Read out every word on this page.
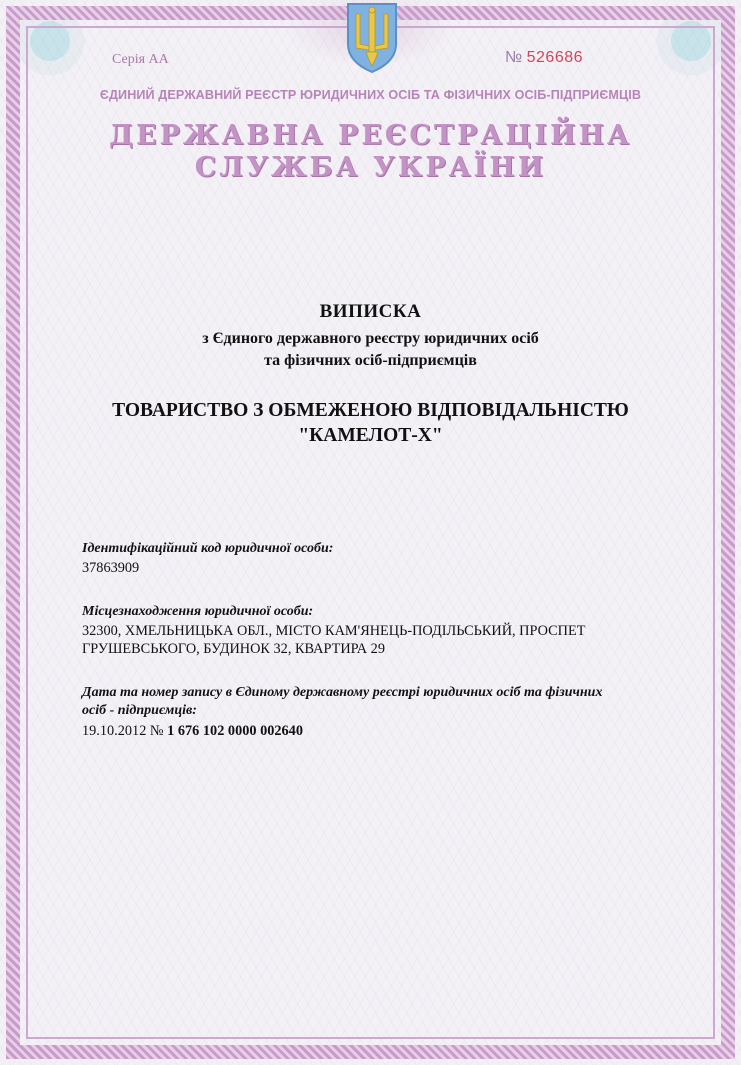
Серія АА	№ 526686
ЄДИНИЙ ДЕРЖАВНИЙ РЕЄСТР ЮРИДИЧНИХ ОСІБ ТА ФІЗИЧНИХ ОСІБ-ПІДПРИЄМЦІВ
ДЕРЖАВНА РЕЄСТРАЦІЙНА
СЛУЖБА УКРАЇНИ
ВИПИСКА
з Єдиного державного реєстру юридичних осіб
та фізичних осіб-підприємців
ТОВАРИСТВО З ОБМЕЖЕНОЮ ВІДПОВІДАЛЬНІСТЮ
"КАМЕЛОТ-Х"
Ідентифікаційний код юридичної особи:
37863909
Місцезнаходження юридичної особи:
32300, ХМЕЛЬНИЦЬКА ОБЛ., МІСТО КАМ'ЯНЕЦЬ-ПОДІЛЬСЬКИЙ, ПРОСПЕТ
ГРУШЕВСЬКОГО, БУДИНОК 32, КВАРТИРА 29
Дата та номер запису в Єдиному державному реєстрі юридичних осіб та фізичних
осіб - підприємців:
19.10.2012 № 1 676 102 0000 002640
